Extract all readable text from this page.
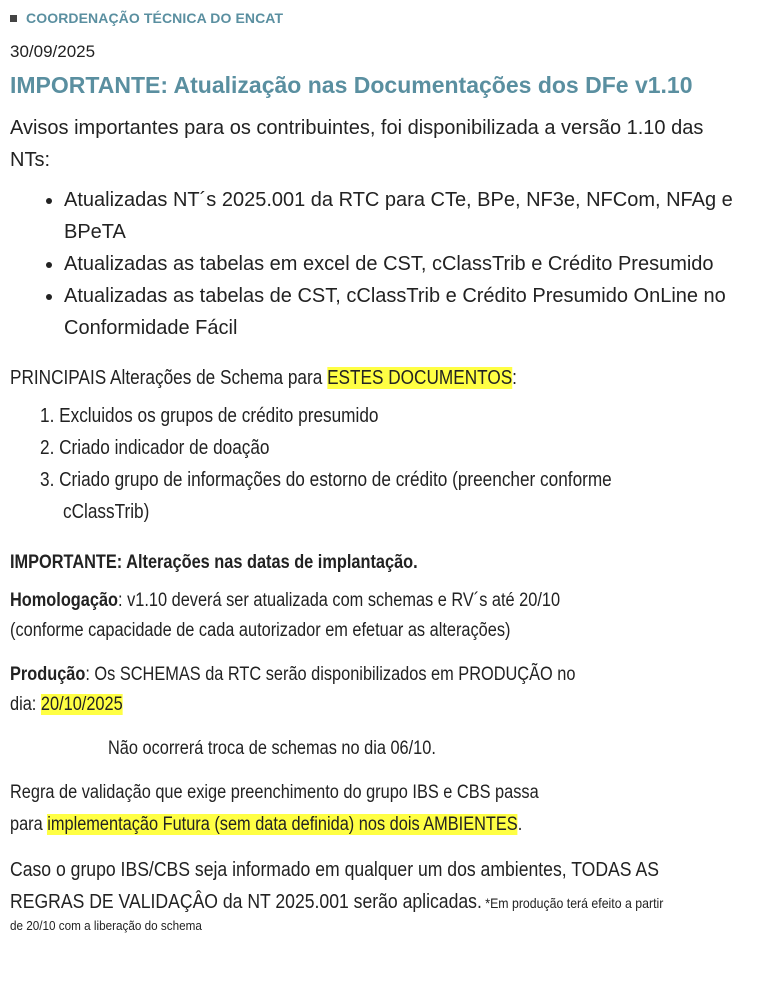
COORDENAÇÃO TÉCNICA DO ENCAT
30/09/2025
IMPORTANTE: Atualização nas Documentações dos DFe v1.10
Avisos importantes para os contribuintes, foi disponibilizada a versão 1.10 das
NTs:
Atualizadas NT´s 2025.001 da RTC para CTe, BPe, NF3e, NFCom, NFAg e
BPeTA
Atualizadas as tabelas em excel de CST, cClassTrib e Crédito Presumido
Atualizadas as tabelas de CST, cClassTrib e Crédito Presumido OnLine no
Conformidade Fácil
PRINCIPAIS Alterações de Schema para ESTES DOCUMENTOS:
1. Excluidos os grupos de crédito presumido
2. Criado indicador de doação
3. Criado grupo de informações do estorno de crédito (preencher conforme
cClassTrib)
IMPORTANTE: Alterações nas datas de implantação.
Homologação: v1.10 deverá ser atualizada com schemas e RV´s até 20/10
(conforme capacidade de cada autorizador em efetuar as alterações)
Produção: Os SCHEMAS da RTC serão disponibilizados em PRODUÇÃO no
dia: 20/10/2025
Não ocorrerá troca de schemas no dia 06/10.
Regra de validação que exige preenchimento do grupo IBS e CBS passa
para implementação Futura (sem data definida) nos dois AMBIENTES.
Caso o grupo IBS/CBS seja informado em qualquer um dos ambientes, TODAS AS
REGRAS DE VALIDAÇÂO da NT 2025.001 serão aplicadas. *Em produção terá efeito a partir
de 20/10 com a liberação do schema
